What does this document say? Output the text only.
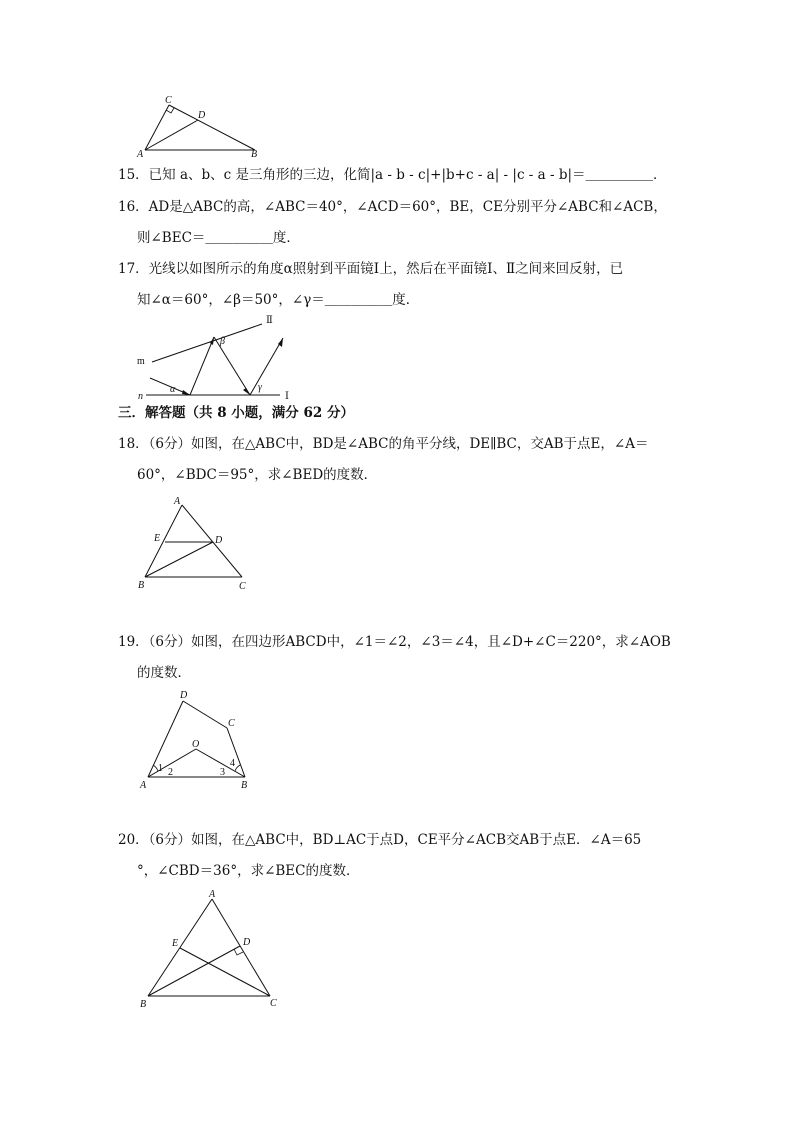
C
D
A	B
15．已知 a、b、c 是三角形的三边，化简|a - b - c|+|b+c - a| - |c - a - b|＝＿＿＿＿＿．
16．AD是△ABC的高，∠ABC＝40°，∠ACD＝60°，BE，CE分别平分∠ABC和∠ACB，
则∠BEC＝＿＿＿＿＿度．
17．光线以如图所示的角度α照射到平面镜Ⅰ上，然后在平面镜Ⅰ、Ⅱ之间来回反射，已
知∠α＝60°，∠β＝50°，∠γ＝＿＿＿＿＿度．
Ⅱ
m
n	Ⅰ
α
β
γ
三．解答题（共 8 小题，满分 62 分）
18．（6分）如图，在△ABC中，BD是∠ABC的角平分线，DE∥BC，交AB于点E，∠A＝
60°，∠BDC＝95°，求∠BED的度数．
A
E	D
B	C
19．（6分）如图，在四边形ABCD中，∠1＝∠2，∠3＝∠4，且∠D+∠C＝220°，求∠AOB
的度数．
D
C
O
A	B
1 2	3
4
20．（6分）如图，在△ABC中，BD⊥AC于点D，CE平分∠ACB交AB于点E．∠A＝65
°，∠CBD＝36°，求∠BEC的度数．
A
E	D
B	C
